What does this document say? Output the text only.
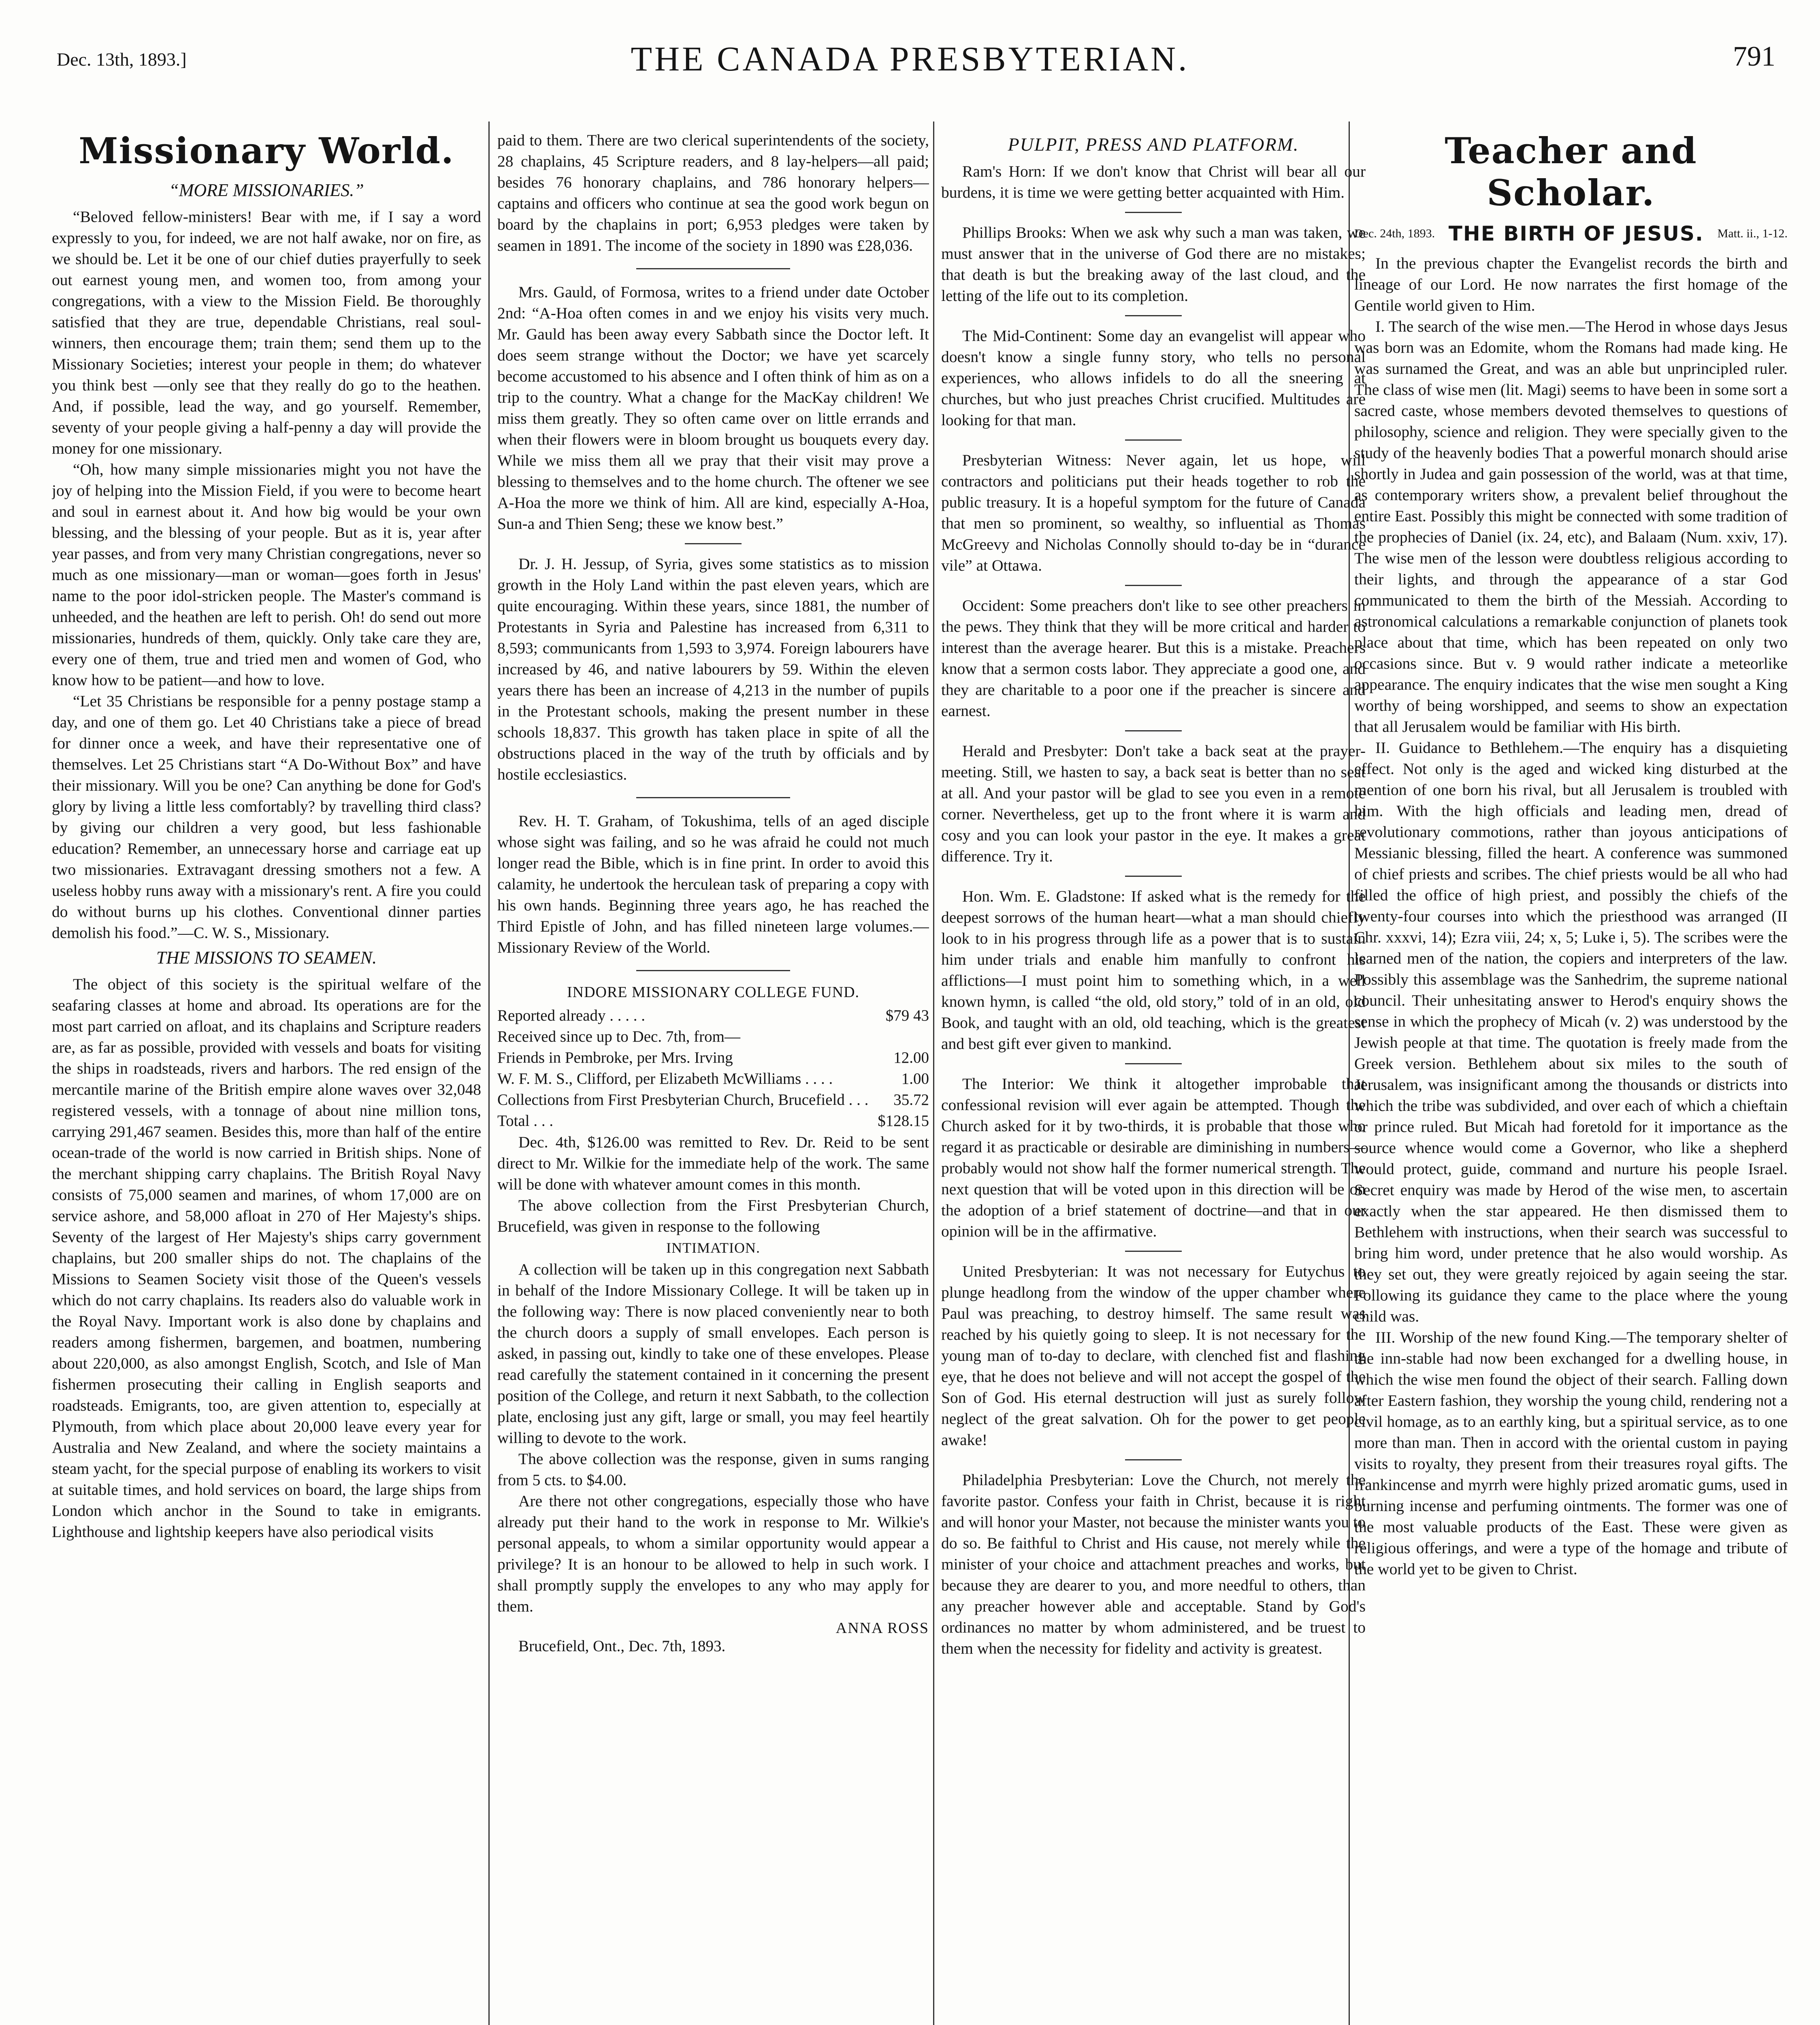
Dec. 13th, 1893.]	THE CANADA PRESBYTERIAN.	791
Missionary World.
“MORE MISSIONARIES.”

“Beloved fellow-ministers! Bear with me, if I say a word expressly to you, for indeed, we are not half awake, nor on fire, as we should be. Let it be one of our chief duties prayerfully to seek out earnest young men, and women too, from among your congregations, with a view to the Mission Field. Be thoroughly satisfied that they are true, dependable Christians, real soul-winners, then encourage them; train them; send them up to the Missionary Societies; interest your people in them; do whatever you think best —only see that they really do go to the heathen. And, if possible, lead the way, and go yourself. Remember, seventy of your people giving a half-penny a day will provide the money for one missionary.

“Oh, how many simple missionaries might you not have the joy of helping into the Mission Field, if you were to become heart and soul in earnest about it. And how big would be your own blessing, and the blessing of your people. But as it is, year after year passes, and from very many Christian congregations, never so much as one missionary—man or woman—goes forth in Jesus' name to the poor idol-stricken people. The Master's command is unheeded, and the heathen are left to perish. Oh! do send out more missionaries, hundreds of them, quickly. Only take care they are, every one of them, true and tried men and women of God, who know how to be patient—and how to love.

“Let 35 Christians be responsible for a penny postage stamp a day, and one of them go. Let 40 Christians take a piece of bread for dinner once a week, and have their representative one of themselves. Let 25 Christians start “A Do-Without Box” and have their missionary. Will you be one? Can anything be done for God's glory by living a little less comfortably? by travelling third class? by giving our children a very good, but less fashionable education? Remember, an unnecessary horse and carriage eat up two missionaries. Extravagant dressing smothers not a few. A useless hobby runs away with a missionary's rent. A fire you could do without burns up his clothes. Conventional dinner parties demolish his food.”—C. W. S., Missionary.

THE MISSIONS TO SEAMEN.

The object of this society is the spiritual welfare of the seafaring classes at home and abroad. Its operations are for the most part carried on afloat, and its chaplains and Scripture readers are, as far as possible, provided with vessels and boats for visiting the ships in roadsteads, rivers and harbors. The red ensign of the mercantile marine of the British empire alone waves over 32,048 registered vessels, with a tonnage of about nine million tons, carrying 291,467 seamen. Besides this, more than half of the entire ocean-trade of the world is now carried in British ships. None of the merchant shipping carry chaplains. The British Royal Navy consists of 75,000 seamen and marines, of whom 17,000 are on service ashore, and 58,000 afloat in 270 of Her Majesty's ships. Seventy of the largest of Her Majesty's ships carry government chaplains, but 200 smaller ships do not. The chaplains of the Missions to Seamen Society visit those of the Queen's vessels which do not carry chaplains. Its readers also do valuable work in the Royal Navy. Important work is also done by chaplains and readers among fishermen, bargemen, and boatmen, numbering about 220,000, as also amongst English, Scotch, and Isle of Man fishermen prosecuting their calling in English seaports and roadsteads. Emigrants, too, are given attention to, especially at Plymouth, from which place about 20,000 leave every year for Australia and New Zealand, and where the society maintains a steam yacht, for the special purpose of enabling its workers to visit at suitable times, and hold services on board, the large ships from London which anchor in the Sound to take in emigrants. Lighthouse and lightship keepers have also periodical visits

paid to them. There are two clerical superintendents of the society, 28 chaplains, 45 Scripture readers, and 8 lay-helpers—all paid; besides 76 honorary chaplains, and 786 honorary helpers—captains and officers who continue at sea the good work begun on board by the chaplains in port; 6,953 pledges were taken by seamen in 1891. The income of the society in 1890 was £28,036.

Mrs. Gauld, of Formosa, writes to a friend under date October 2nd: “A-Hoa often comes in and we enjoy his visits very much. Mr. Gauld has been away every Sabbath since the Doctor left. It does seem strange without the Doctor; we have yet scarcely become accustomed to his absence and I often think of him as on a trip to the country. What a change for the MacKay children! We miss them greatly. They so often came over on little errands and when their flowers were in bloom brought us bouquets every day. While we miss them all we pray that their visit may prove a blessing to themselves and to the home church. The oftener we see A-Hoa the more we think of him. All are kind, especially A-Hoa, Sun-a and Thien Seng; these we know best.”

Dr. J. H. Jessup, of Syria, gives some statistics as to mission growth in the Holy Land within the past eleven years, which are quite encouraging. Within these years, since 1881, the number of Protestants in Syria and Palestine has increased from 6,311 to 8,593; communicants from 1,593 to 3,974. Foreign labourers have increased by 46, and native labourers by 59. Within the eleven years there has been an increase of 4,213 in the number of pupils in the Protestant schools, making the present number in these schools 18,837. This growth has taken place in spite of all the obstructions placed in the way of the truth by officials and by hostile ecclesiastics.

Rev. H. T. Graham, of Tokushima, tells of an aged disciple whose sight was failing, and so he was afraid he could not much longer read the Bible, which is in fine print. In order to avoid this calamity, he undertook the herculean task of preparing a copy with his own hands. Beginning three years ago, he has reached the Third Epistle of John, and has filled nineteen large volumes.—Missionary Review of the World.

INDORE MISSIONARY COLLEGE FUND.
Reported already . . . . .	$79 43
Received since up to Dec. 7th, from—
Friends in Pembroke, per Mrs. Irving	12.00
W. F. M. S., Clifford, per Elizabeth McWilliams . . . .	1.00
Collections from First Presbyterian Church, Brucefield . . .	35.72
Total . . .	$128.15

Dec. 4th, $126.00 was remitted to Rev. Dr. Reid to be sent direct to Mr. Wilkie for the immediate help of the work. The same will be done with whatever amount comes in this month.

The above collection from the First Presbyterian Church, Brucefield, was given in response to the following

INTIMATION.

A collection will be taken up in this congregation next Sabbath in behalf of the Indore Missionary College. It will be taken up in the following way: There is now placed conveniently near to both the church doors a supply of small envelopes. Each person is asked, in passing out, kindly to take one of these envelopes. Please read carefully the statement contained in it concerning the present position of the College, and return it next Sabbath, to the collection plate, enclosing just any gift, large or small, you may feel heartily willing to devote to the work.

The above collection was the response, given in sums ranging from 5 cts. to $4.00.

Are there not other congregations, especially those who have already put their hand to the work in response to Mr. Wilkie's personal appeals, to whom a similar opportunity would appear a privilege? It is an honour to be allowed to help in such work. I shall promptly supply the envelopes to any who may apply for them.

ANNA ROSS
Brucefield, Ont., Dec. 7th, 1893.
PULPIT, PRESS AND PLATFORM.

Ram's Horn: If we don't know that Christ will bear all our burdens, it is time we were getting better acquainted with Him.

Phillips Brooks: When we ask why such a man was taken, we must answer that in the universe of God there are no mistakes; that death is but the breaking away of the last cloud, and the letting of the life out to its completion.

The Mid-Continent: Some day an evangelist will appear who doesn't know a single funny story, who tells no personal experiences, who allows infidels to do all the sneering at churches, but who just preaches Christ crucified. Multitudes are looking for that man.

Presbyterian Witness: Never again, let us hope, will contractors and politicians put their heads together to rob the public treasury. It is a hopeful symptom for the future of Canada that men so prominent, so wealthy, so influential as Thomas McGreevy and Nicholas Connolly should to-day be in “durance vile” at Ottawa.

Occident: Some preachers don't like to see other preachers in the pews. They think that they will be more critical and harder to interest than the average hearer. But this is a mistake. Preachers know that a sermon costs labor. They appreciate a good one, and they are charitable to a poor one if the preacher is sincere and earnest.

Herald and Presbyter: Don't take a back seat at the prayer-meeting. Still, we hasten to say, a back seat is better than no seat at all. And your pastor will be glad to see you even in a remote corner. Nevertheless, get up to the front where it is warm and cosy and you can look your pastor in the eye. It makes a great difference. Try it.

Hon. Wm. E. Gladstone: If asked what is the remedy for the deepest sorrows of the human heart—what a man should chiefly look to in his progress through life as a power that is to sustain him under trials and enable him manfully to confront his afflictions—I must point him to something which, in a well known hymn, is called “the old, old story,” told of in an old, old Book, and taught with an old, old teaching, which is the greatest and best gift ever given to mankind.

The Interior: We think it altogether improbable that confessional revision will ever again be attempted. Though the Church asked for it by two-thirds, it is probable that those who regard it as practicable or desirable are diminishing in numbers—probably would not show half the former numerical strength. The next question that will be voted upon in this direction will be on the adoption of a brief statement of doctrine—and that in our opinion will be in the affirmative.

United Presbyterian: It was not necessary for Eutychus to plunge headlong from the window of the upper chamber where Paul was preaching, to destroy himself. The same result was reached by his quietly going to sleep. It is not necessary for the young man of to-day to declare, with clenched fist and flashing eye, that he does not believe and will not accept the gospel of the Son of God. His eternal destruction will just as surely follow neglect of the great salvation. Oh for the power to get people awake!

Philadelphia Presbyterian: Love the Church, not merely the favorite pastor. Confess your faith in Christ, because it is right and will honor your Master, not because the minister wants you to do so. Be faithful to Christ and His cause, not merely while the minister of your choice and attachment preaches and works, but because they are dearer to you, and more needful to others, than any preacher however able and acceptable. Stand by God's ordinances no matter by whom administered, and be truest to them when the necessity for fidelity and activity is greatest.

Teacher and Scholar.
Dec. 24th, 1893. THE BIRTH OF JESUS. Matt. ii., 1-12.

In the previous chapter the Evangelist records the birth and lineage of our Lord. He now narrates the first homage of the Gentile world given to Him.

I. The search of the wise men.—The Herod in whose days Jesus was born was an Edomite, whom the Romans had made king. He was surnamed the Great, and was an able but unprincipled ruler. The class of wise men (lit. Magi) seems to have been in some sort a sacred caste, whose members devoted themselves to questions of philosophy, science and religion. They were specially given to the study of the heavenly bodies That a powerful monarch should arise shortly in Judea and gain possession of the world, was at that time, as contemporary writers show, a prevalent belief throughout the entire East. Possibly this might be connected with some tradition of the prophecies of Daniel (ix. 24, etc), and Balaam (Num. xxiv, 17). The wise men of the lesson were doubtless religious according to their lights, and through the appearance of a star God communicated to them the birth of the Messiah. According to astronomical calculations a remarkable conjunction of planets took place about that time, which has been repeated on only two occasions since. But v. 9 would rather indicate a meteorlike appearance. The enquiry indicates that the wise men sought a King worthy of being worshipped, and seems to show an expectation that all Jerusalem would be familiar with His birth.

II. Guidance to Bethlehem.—The enquiry has a disquieting effect. Not only is the aged and wicked king disturbed at the mention of one born his rival, but all Jerusalem is troubled with him. With the high officials and leading men, dread of revolutionary commotions, rather than joyous anticipations of Messianic blessing, filled the heart. A conference was summoned of chief priests and scribes. The chief priests would be all who had filled the office of high priest, and possibly the chiefs of the twenty-four courses into which the priesthood was arranged (II Chr. xxxvi, 14); Ezra viii, 24; x, 5; Luke i, 5). The scribes were the learned men of the nation, the copiers and interpreters of the law. Possibly this assemblage was the Sanhedrim, the supreme national council. Their unhesitating answer to Herod's enquiry shows the sense in which the prophecy of Micah (v. 2) was understood by the Jewish people at that time. The quotation is freely made from the Greek version. Bethlehem about six miles to the south of Jerusalem, was insignificant among the thousands or districts into which the tribe was subdivided, and over each of which a chieftain or prince ruled. But Micah had foretold for it importance as the source whence would come a Governor, who like a shepherd would protect, guide, command and nurture his people Israel. Secret enquiry was made by Herod of the wise men, to ascertain exactly when the star appeared. He then dismissed them to Bethlehem with instructions, when their search was successful to bring him word, under pretence that he also would worship. As they set out, they were greatly rejoiced by again seeing the star. Following its guidance they came to the place where the young child was.

III. Worship of the new found King.—The temporary shelter of the inn-stable had now been exchanged for a dwelling house, in which the wise men found the object of their search. Falling down after Eastern fashion, they worship the young child, rendering not a civil homage, as to an earthly king, but a spiritual service, as to one more than man. Then in accord with the oriental custom in paying visits to royalty, they present from their treasures royal gifts. The frankincense and myrrh were highly prized aromatic gums, used in burning incense and perfuming ointments. The former was one of the most valuable products of the East. These were given as religious offerings, and were a type of the homage and tribute of the world yet to be given to Christ.
